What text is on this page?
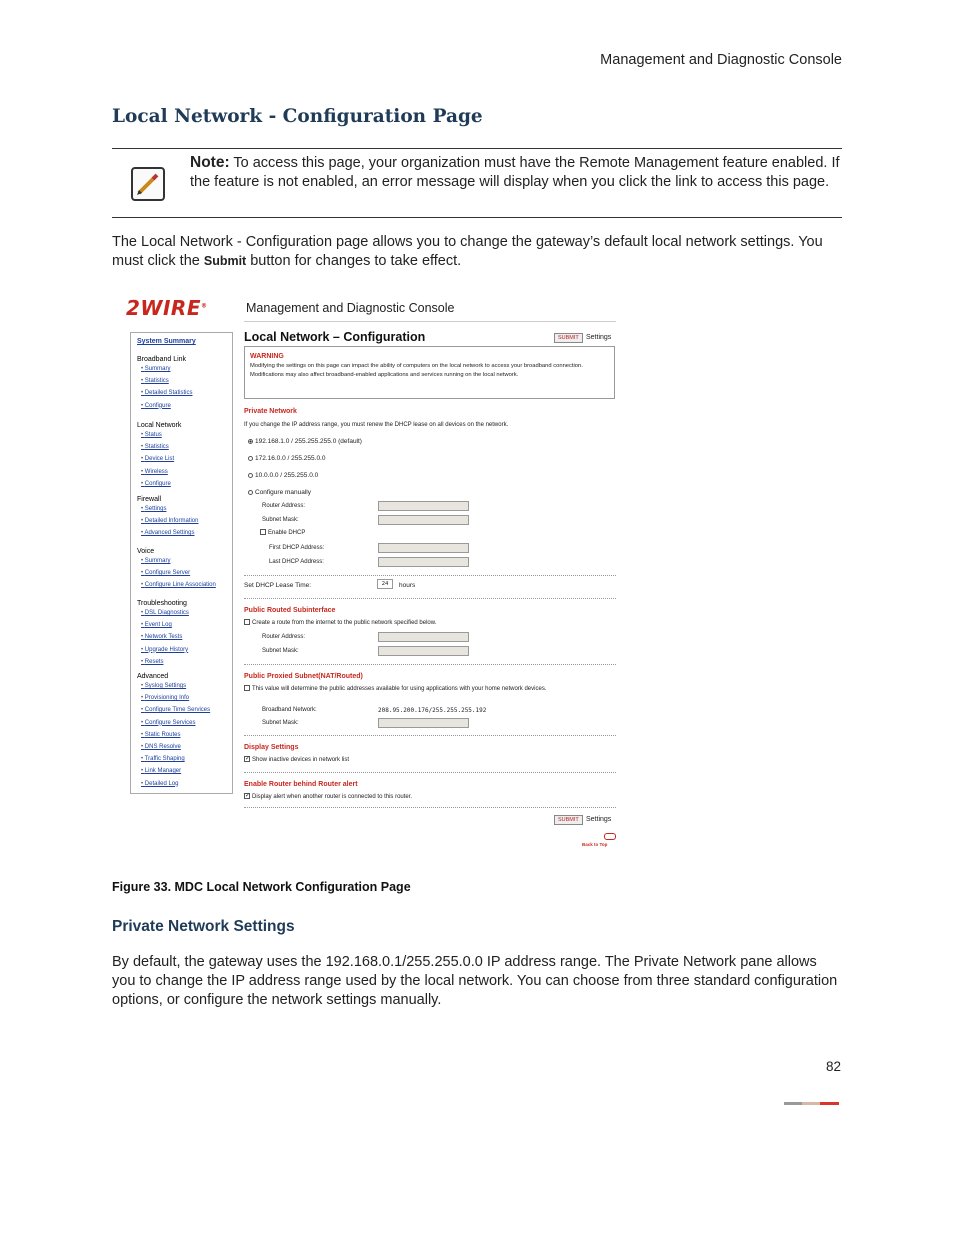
Management and Diagnostic Console
Local Network - Configuration Page
Note: To access this page, your organization must have the Remote Management feature enabled. If the feature is not enabled, an error message will display when you click the link to access this page.
The Local Network - Configuration page allows you to change the gateway’s default local network settings. You must click the Submit button for changes to take effect.
2WIRE®	Management and Diagnostic Console
System Summary
Broadband Link
• Summary
• Statistics
• Detailed Statistics
• Configure
Local Network
• Status
• Statistics
• Device List
• Wireless
• Configure
Firewall
• Settings
• Detailed Information
• Advanced Settings
Voice
• Summary
• Configure Server
• Configure Line Association
Troubleshooting
• DSL Diagnostics
• Event Log
• Network Tests
• Upgrade History
• Resets
Advanced
• Syslog Settings
• Provisioning Info
• Configure Time Services
• Configure Services
• Static Routes
• DNS Resolve
• Traffic Shaping
• Link Manager
• Detailed Log
Local Network – Configuration	SUBMIT	Settings
WARNING
Modifying the settings on this page can impact the ability of computers on the local network to access your broadband connection. Modifications may also affect broadband-enabled applications and services running on the local network.
Private Network
If you change the IP address range, you must renew the DHCP lease on all devices on the network.
192.168.1.0 / 255.255.255.0 (default)
172.16.0.0 / 255.255.0.0
10.0.0.0 / 255.255.0.0
Configure manually
Router Address:
Subnet Mask:
Enable DHCP
First DHCP Address:
Last DHCP Address:
Set DHCP Lease Time:	24	hours
Public Routed Subinterface
Create a route from the internet to the public network specified below.
Router Address:
Subnet Mask:
Public Proxied Subnet(NAT/Routed)
This value will determine the public addresses available for using applications with your home network devices.
Broadband Network:	208.95.200.176/255.255.255.192
Subnet Mask:
Display Settings
✓Show inactive devices in network list
Enable Router behind Router alert
✓Display alert when another router is connected to this router.
SUBMIT	Settings
Back to Top
Figure 33. MDC Local Network Configuration Page
Private Network Settings
By default, the gateway uses the 192.168.0.1/255.255.0.0 IP address range. The Private Network pane allows you to change the IP address range used by the local network. You can choose from three standard configuration options, or configure the network settings manually.
82
